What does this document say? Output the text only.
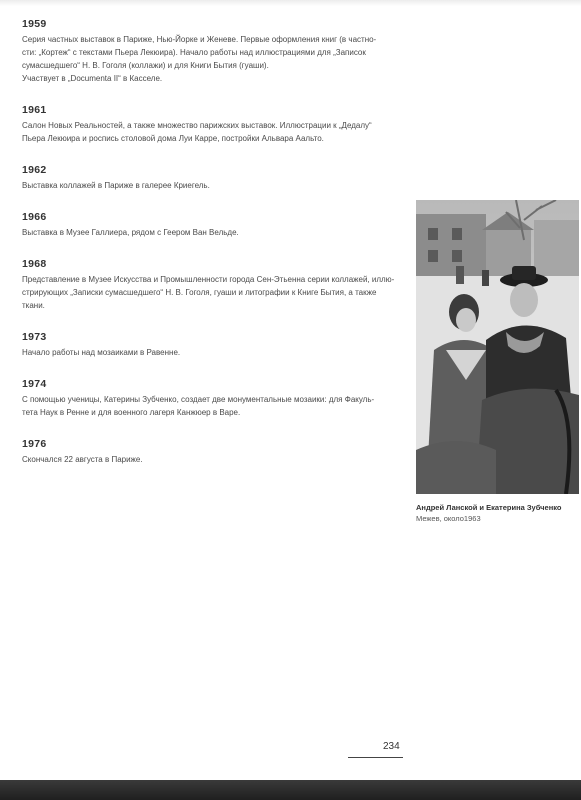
1959
Серия частных выставок в Париже, Нью-Йорке и Женеве. Первые оформления книг (в частно-
сти: „Кортеж“ с текстами Пьера Лекюира). Начало работы над иллюстрациями для „Записок
сумасшедшего“ Н. В. Гоголя (коллажи) и для Книги Бытия (гуаши).
Участвует в „Documenta II“ в Касселе.
1961
Салон Новых Реальностей, а также множество парижских выставок. Иллюстрации к „Дедалу“
Пьера Лекюира и роспись столовой дома Луи Карре, постройки Альвара Аальто.
1962
Выставка коллажей в Париже в галерее Криегель.
1966
Выставка в Музее Галлиера, рядом с Геером Ван Вельде.
1968
Представление в Музее Искусства и Промышленности города Сен-Этьенна серии коллажей, иллю-
стрирующих „Записки сумасшедшего“ Н. В. Гоголя, гуаши и литографии к Книге Бытия, а также
ткани.
1973
Начало работы над мозаиками в Равенне.
1974
С помощью ученицы, Катерины Зубченко, создает две монументальные мозаики: для Факуль-
тета Наук в Ренне и для военного лагеря Канжюер в Варе.
1976
Скончался 22 августа в Париже.
Андрей Ланской и Екатерина Зубченко
Межев, около1963
234
